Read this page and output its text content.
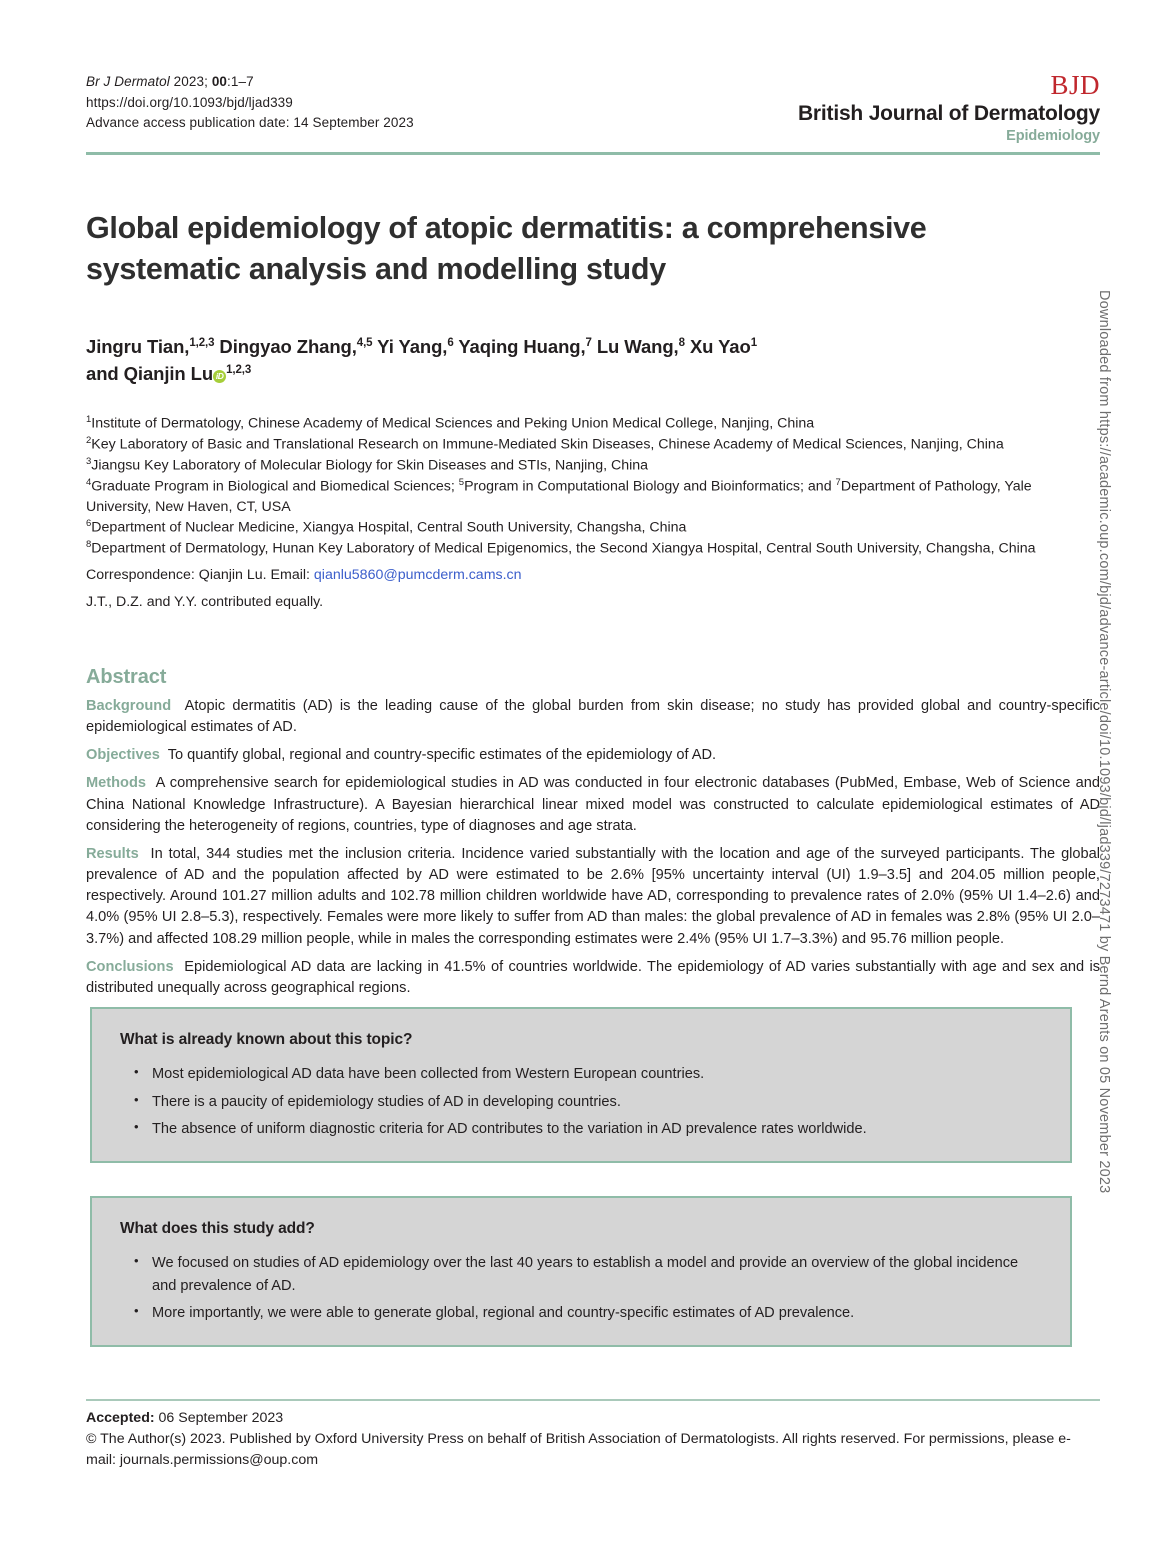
Br J Dermatol 2023; 00:1–7
https://doi.org/10.1093/bjd/ljad339
Advance access publication date: 14 September 2023
BJD
British Journal of Dermatology
Epidemiology
Global epidemiology of atopic dermatitis: a comprehensive systematic analysis and modelling study
Jingru Tian,$^{1,2,3}$ Dingyao Zhang,$^{4,5}$ Yi Yang,$^6$ Yaqing Huang,$^7$ Lu Wang,$^8$ Xu Yao$^1$
and Qianjin Lu iD$^{1,2,3}$
$^1$Institute of Dermatology, Chinese Academy of Medical Sciences and Peking Union Medical College, Nanjing, China
$^2$Key Laboratory of Basic and Translational Research on Immune-Mediated Skin Diseases, Chinese Academy of Medical Sciences, Nanjing, China
$^3$Jiangsu Key Laboratory of Molecular Biology for Skin Diseases and STIs, Nanjing, China
$^4$Graduate Program in Biological and Biomedical Sciences; $^5$Program in Computational Biology and Bioinformatics; and $^7$Department of Pathology, Yale University, New Haven, CT, USA
$^6$Department of Nuclear Medicine, Xiangya Hospital, Central South University, Changsha, China
$^8$Department of Dermatology, Hunan Key Laboratory of Medical Epigenomics, the Second Xiangya Hospital, Central South University, Changsha, China
Correspondence: Qianjin Lu. Email: qianlu5860@pumcderm.cams.cn
J.T., D.Z. and Y.Y. contributed equally.
Abstract

Background Atopic dermatitis (AD) is the leading cause of the global burden from skin disease; no study has provided global and country-specific epidemiological estimates of AD.

Objectives To quantify global, regional and country-specific estimates of the epidemiology of AD.

Methods A comprehensive search for epidemiological studies in AD was conducted in four electronic databases (PubMed, Embase, Web of Science and China National Knowledge Infrastructure). A Bayesian hierarchical linear mixed model was constructed to calculate epidemiological estimates of AD considering the heterogeneity of regions, countries, type of diagnoses and age strata.

Results In total, 344 studies met the inclusion criteria. Incidence varied substantially with the location and age of the surveyed participants. The global prevalence of AD and the population affected by AD were estimated to be 2.6% [95% uncertainty interval (UI) 1.9–3.5] and 204.05 million people, respectively. Around 101.27 million adults and 102.78 million children worldwide have AD, corresponding to prevalence rates of 2.0% (95% UI 1.4–2.6) and 4.0% (95% UI 2.8–5.3), respectively. Females were more likely to suffer from AD than males: the global prevalence of AD in females was 2.8% (95% UI 2.0–3.7%) and affected 108.29 million people, while in males the corresponding estimates were 2.4% (95% UI 1.7–3.3%) and 95.76 million people.

Conclusions Epidemiological AD data are lacking in 41.5% of countries worldwide. The epidemiology of AD varies substantially with age and sex and is distributed unequally across geographical regions.

What is already known about this topic?
• Most epidemiological AD data have been collected from Western European countries.
• There is a paucity of epidemiology studies of AD in developing countries.
• The absence of uniform diagnostic criteria for AD contributes to the variation in AD prevalence rates worldwide.
What does this study add?
• We focused on studies of AD epidemiology over the last 40 years to establish a model and provide an overview of the global incidence and prevalence of AD.
• More importantly, we were able to generate global, regional and country-specific estimates of AD prevalence.
Accepted: 06 September 2023
© The Author(s) 2023. Published by Oxford University Press on behalf of British Association of Dermatologists. All rights reserved. For permissions, please e-mail: journals.permissions@oup.com
Downloaded from https://academic.oup.com/bjd/advance-article/doi/10.1093/bjd/ljad339/7273471 by Bernd Arents on 05 November 2023
